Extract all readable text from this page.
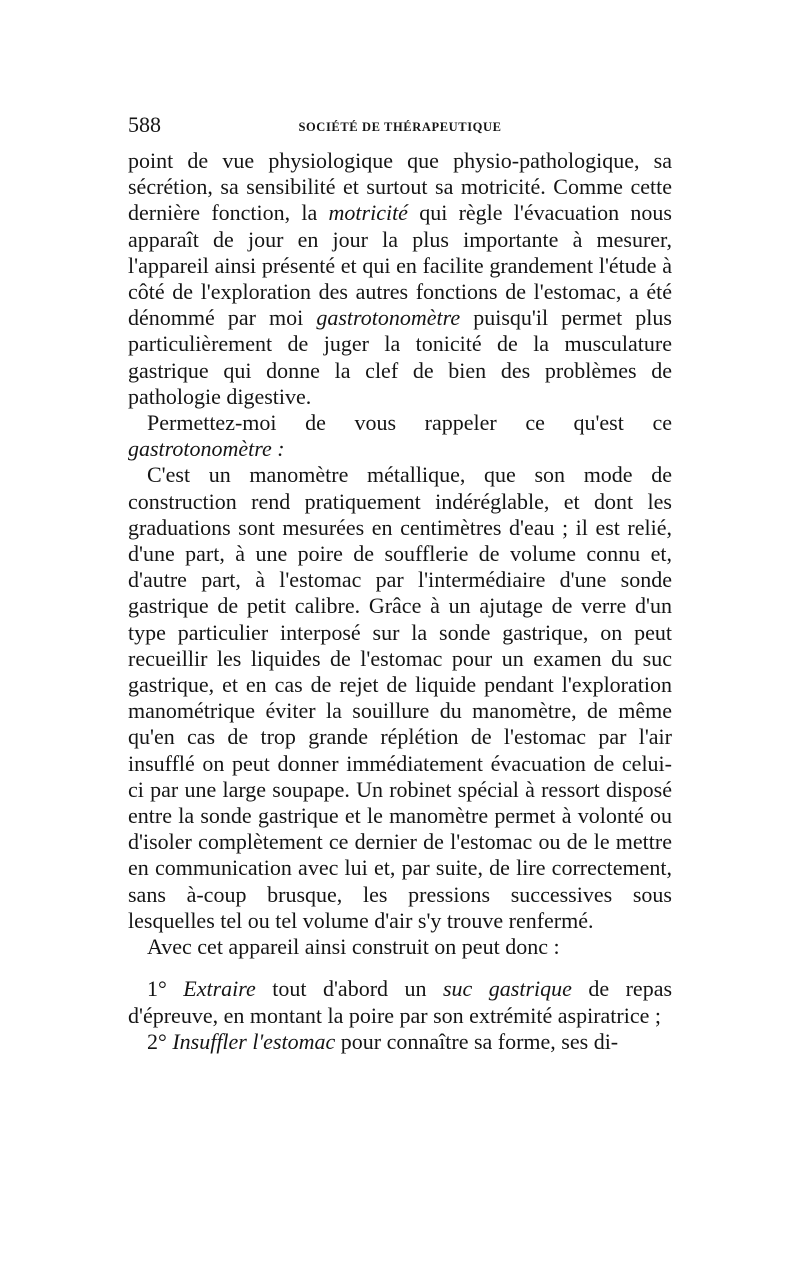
588	SOCIÉTÉ DE THÉRAPEUTIQUE

point de vue physiologique que physio-pathologique, sa sécrétion, sa sensibilité et surtout sa motricité. Comme cette dernière fonction, la motricité qui règle l'évacuation nous apparaît de jour en jour la plus importante à mesurer, l'appareil ainsi présenté et qui en facilite grandement l'étude à côté de l'exploration des autres fonctions de l'estomac, a été dénommé par moi gastrotonomètre puisqu'il permet plus particulièrement de juger la tonicité de la musculature gastrique qui donne la clef de bien des problèmes de pathologie digestive.

Permettez-moi de vous rappeler ce qu'est ce gastrotonomètre :

C'est un manomètre métallique, que son mode de construction rend pratiquement indéréglable, et dont les graduations sont mesurées en centimètres d'eau ; il est relié, d'une part, à une poire de soufflerie de volume connu et, d'autre part, à l'estomac par l'intermédiaire d'une sonde gastrique de petit calibre. Grâce à un ajutage de verre d'un type particulier interposé sur la sonde gastrique, on peut recueillir les liquides de l'estomac pour un examen du suc gastrique, et en cas de rejet de liquide pendant l'exploration manométrique éviter la souillure du manomètre, de même qu'en cas de trop grande réplétion de l'estomac par l'air insufflé on peut donner immédiatement évacuation de celui-ci par une large soupape. Un robinet spécial à ressort disposé entre la sonde gastrique et le manomètre permet à volonté ou d'isoler complètement ce dernier de l'estomac ou de le mettre en communication avec lui et, par suite, de lire correctement, sans à-coup brusque, les pressions successives sous lesquelles tel ou tel volume d'air s'y trouve renfermé.

Avec cet appareil ainsi construit on peut donc :

1° Extraire tout d'abord un suc gastrique de repas d'épreuve, en montant la poire par son extrémité aspiratrice ;

2° Insuffler l'estomac pour connaître sa forme, ses di-
